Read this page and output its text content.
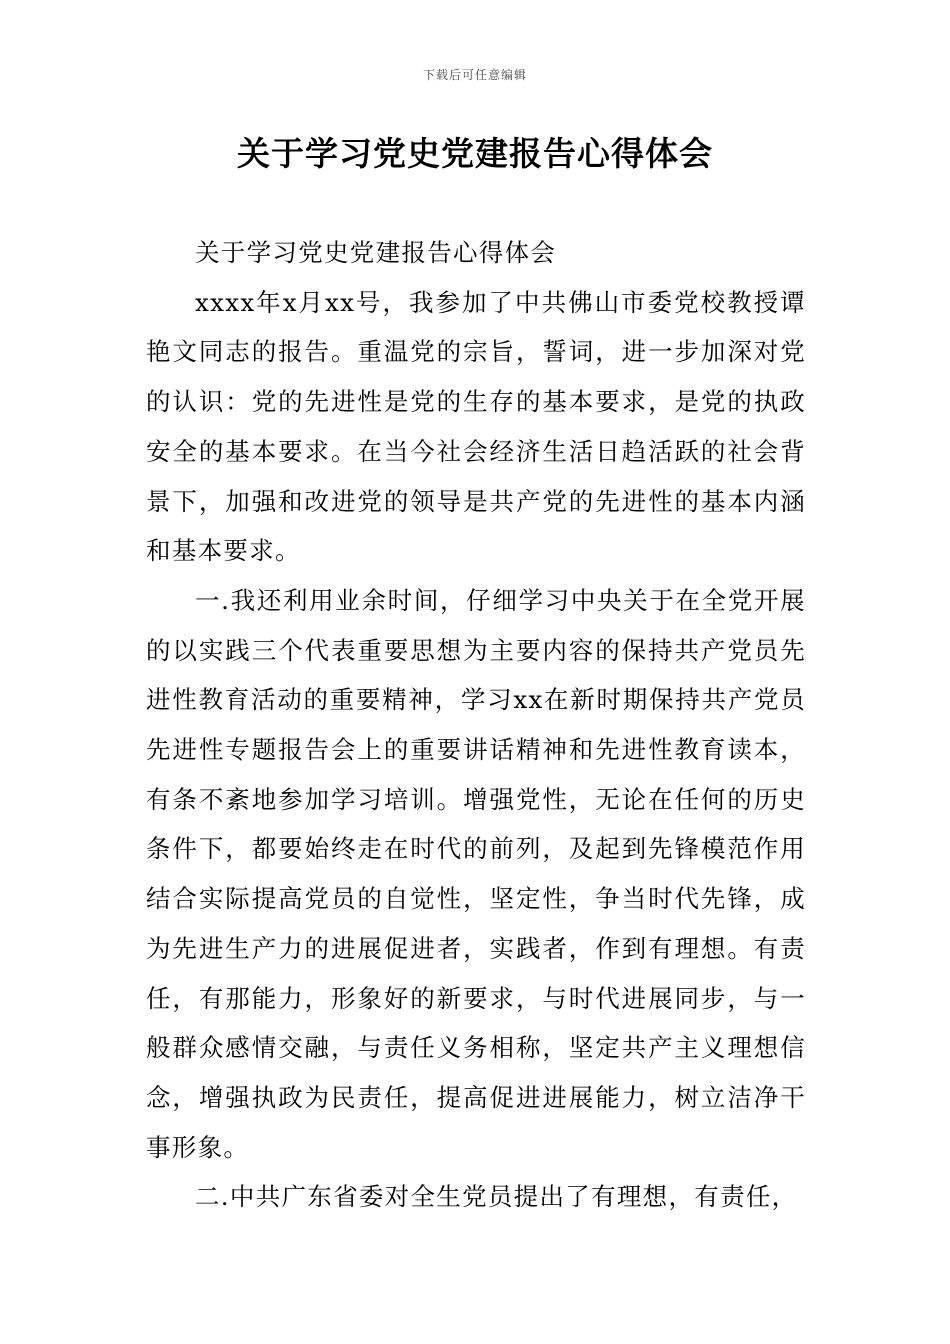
下载后可任意编辑
关于学习党史党建报告心得体会

关于学习党史党建报告心得体会

xxxx年x月xx号，我参加了中共佛山市委党校教授谭艳文同志的报告。重温党的宗旨，誓词，进一步加深对党的认识：党的先进性是党的生存的基本要求，是党的执政安全的基本要求。在当今社会经济生活日趋活跃的社会背景下，加强和改进党的领导是共产党的先进性的基本内涵和基本要求。

一.我还利用业余时间，仔细学习中央关于在全党开展的以实践三个代表重要思想为主要内容的保持共产党员先进性教育活动的重要精神，学习xx在新时期保持共产党员先进性专题报告会上的重要讲话精神和先进性教育读本，有条不紊地参加学习培训。增强党性，无论在任何的历史条件下，都要始终走在时代的前列，及起到先锋模范作用结合实际提高党员的自觉性，坚定性，争当时代先锋，成为先进生产力的进展促进者，实践者，作到有理想。有责任，有那能力，形象好的新要求，与时代进展同步，与一般群众感情交融，与责任义务相称，坚定共产主义理想信念，增强执政为民责任，提高促进进展能力，树立洁净干事形象。

二.中共广东省委对全生党员提出了有理想，有责任，
